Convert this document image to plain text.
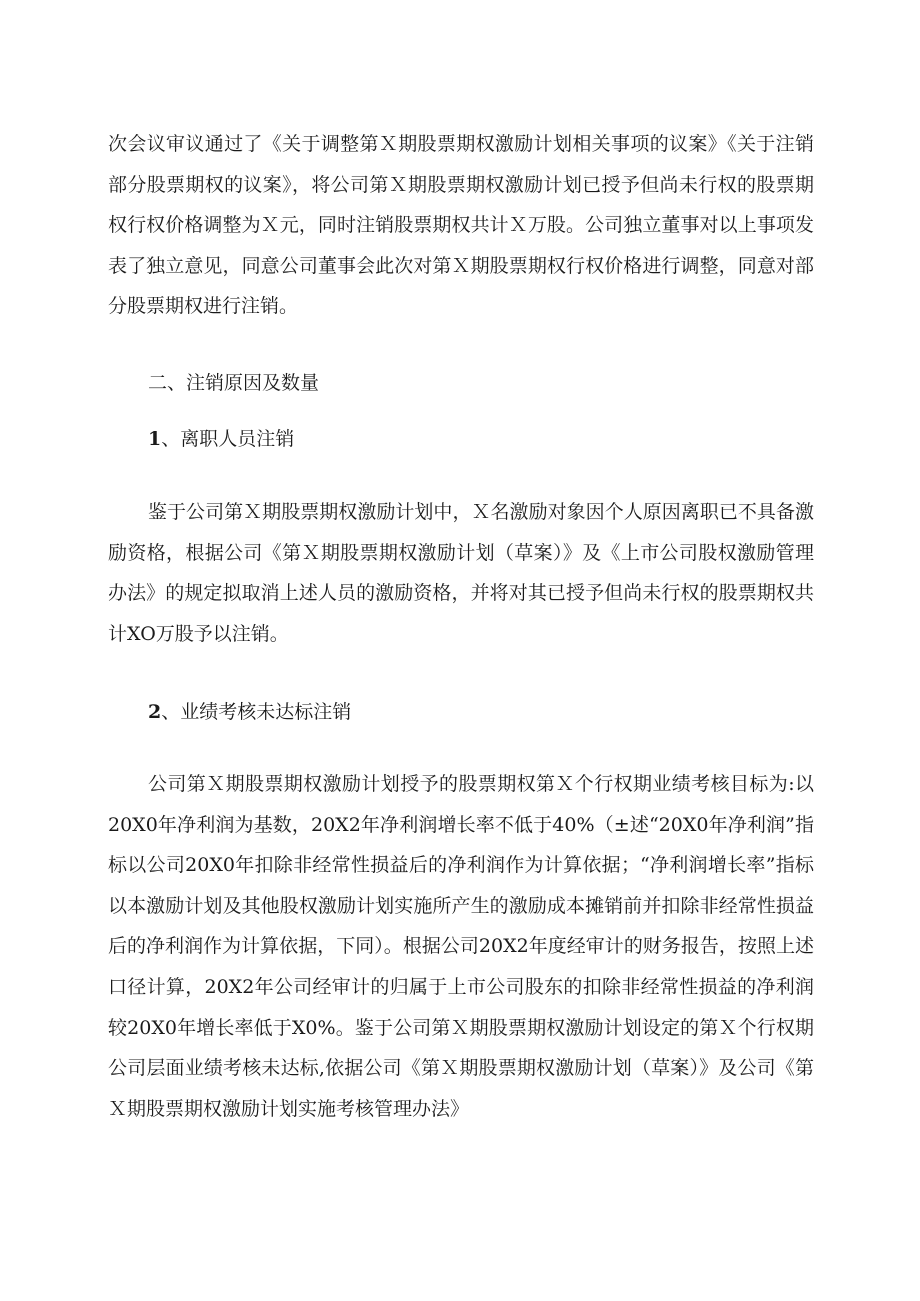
次会议审议通过了《关于调整第Ｘ期股票期权激励计划相关事项的议案》《关于注销部分股票期权的议案》，将公司第Ｘ期股票期权激励计划已授予但尚未行权的股票期权行权价格调整为Ｘ元，同时注销股票期权共计Ｘ万股。公司独立董事对以上事项发表了独立意见，同意公司董事会此次对第Ｘ期股票期权行权价格进行调整，同意对部分股票期权进行注销。

二、注销原因及数量

1、离职人员注销

鉴于公司第Ｘ期股票期权激励计划中，Ｘ名激励对象因个人原因离职已不具备激励资格，根据公司《第Ｘ期股票期权激励计划（草案）》及《上市公司股权激励管理办法》的规定拟取消上述人员的激励资格，并将对其已授予但尚未行权的股票期权共计XO万股予以注销。

2、业绩考核未达标注销

公司第Ｘ期股票期权激励计划授予的股票期权第Ｘ个行权期业绩考核目标为:以20X0年净利润为基数，20X2年净利润增长率不低于40%（±述“20X0年净利润”指标以公司20X0年扣除非经常性损益后的净利润作为计算依据；“净利润增长率”指标以本激励计划及其他股权激励计划实施所产生的激励成本摊销前并扣除非经常性损益后的净利润作为计算依据，下同）。根据公司20X2年度经审计的财务报告，按照上述口径计算，20X2年公司经审计的归属于上市公司股东的扣除非经常性损益的净利润较20X0年增长率低于X0%。鉴于公司第Ｘ期股票期权激励计划设定的第Ｘ个行权期公司层面业绩考核未达标,依据公司《第Ｘ期股票期权激励计划（草案）》及公司《第Ｘ期股票期权激励计划实施考核管理办法》
